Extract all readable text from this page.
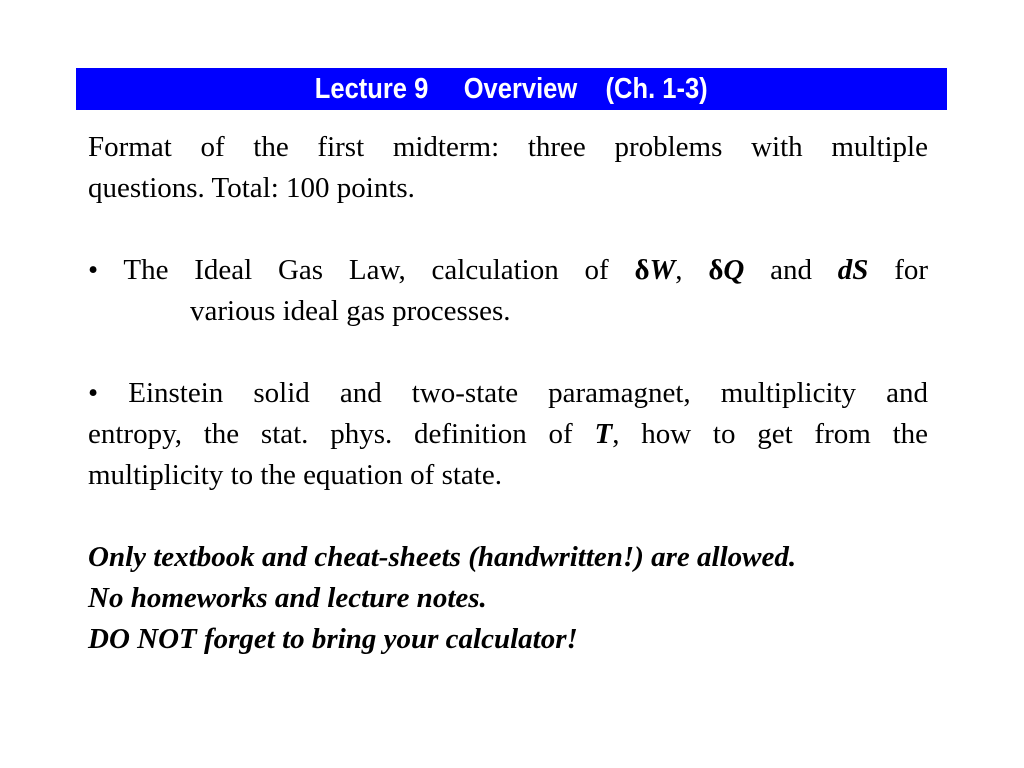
Lecture 9     Overview    (Ch. 1-3)
Format of the first midterm: three problems with multiple
questions. Total: 100 points.
• The Ideal Gas Law, calculation of δW, δQ and dS for
various ideal gas processes.
• Einstein solid and two-state paramagnet, multiplicity and
entropy, the stat. phys. definition of T, how to get from the
multiplicity to the equation of state.
Only textbook and cheat-sheets (handwritten!) are allowed.
No homeworks and lecture notes.
DO NOT forget to bring your calculator!
